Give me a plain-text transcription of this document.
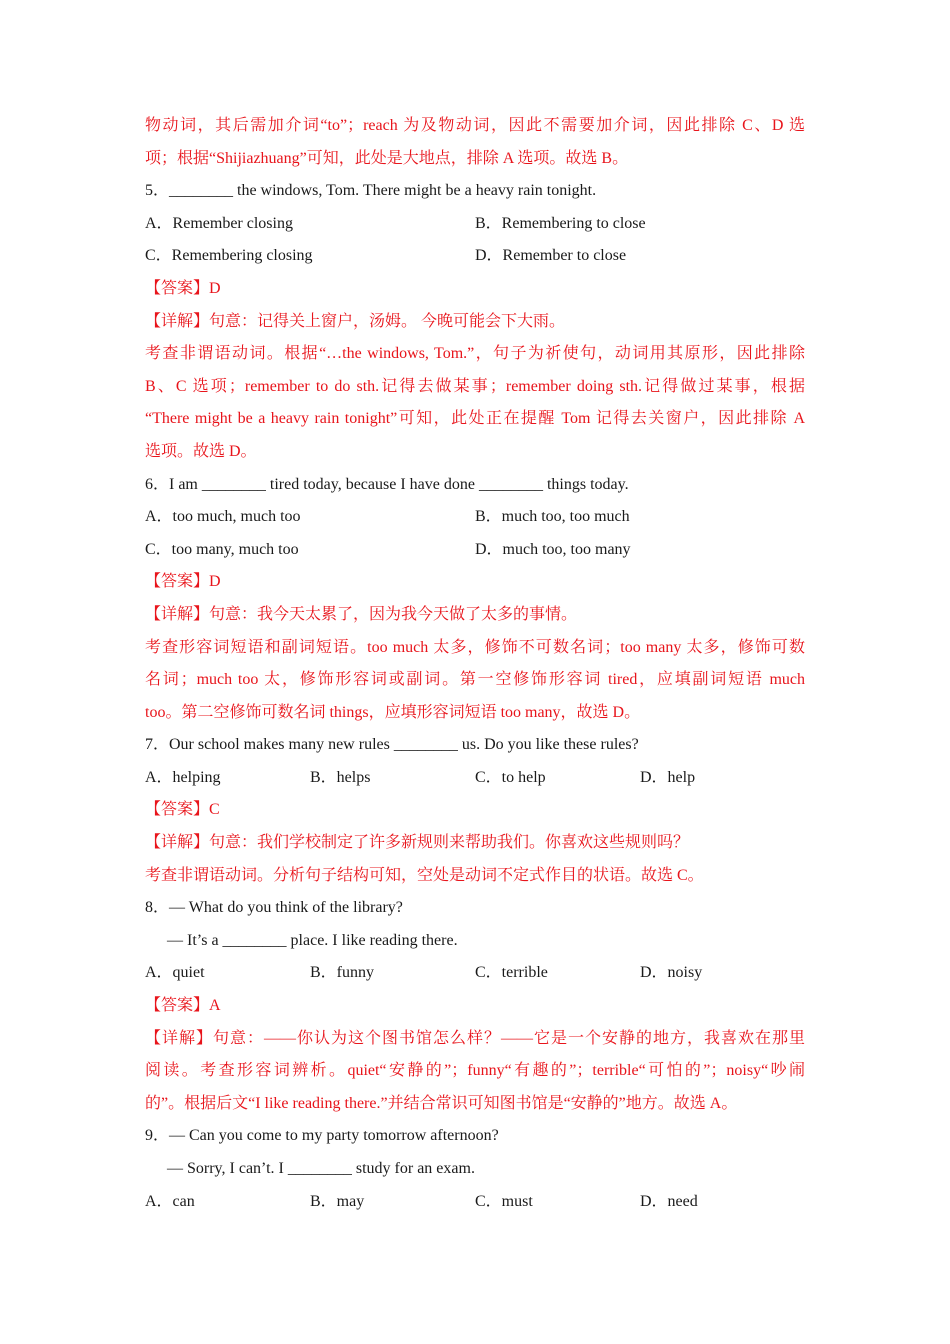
物动词，其后需加介词“to”；reach 为及物动词，因此不需要加介词，因此排除 C、D 选
项；根据“Shijiazhuang”可知，此处是大地点，排除 A 选项。故选 B。
5．________ the windows, Tom. There might be a heavy rain tonight.
A．Remember closing	B．Remembering to close
C．Remembering closing	D．Remember to close
【答案】D
【详解】句意：记得关上窗户，汤姆。 今晚可能会下大雨。
考查非谓语动词。根据“…the windows, Tom.”，句子为祈使句，动词用其原形，因此排除
B、C 选项；remember to do sth.记得去做某事；remember doing sth.记得做过某事，根据
“There might be a heavy rain tonight”可知，此处正在提醒 Tom 记得去关窗户，因此排除 A
选项。故选 D。
6．I am ________ tired today, because I have done ________ things today.
A．too much, much too	B．much too, too much
C．too many, much too	D．much too, too many
【答案】D
【详解】句意：我今天太累了，因为我今天做了太多的事情。
考查形容词短语和副词短语。too much 太多，修饰不可数名词；too many 太多，修饰可数
名词；much too 太，修饰形容词或副词。第一空修饰形容词 tired，应填副词短语 much
too。第二空修饰可数名词 things，应填形容词短语 too many，故选 D。
7．Our school makes many new rules ________ us. Do you like these rules?
A．helping	B．helps	C．to help	D．help
【答案】C
【详解】句意：我们学校制定了许多新规则来帮助我们。你喜欢这些规则吗？
考查非谓语动词。分析句子结构可知，空处是动词不定式作目的状语。故选 C。
8．— What do you think of the library?
— It’s a ________ place. I like reading there.
A．quiet	B．funny	C．terrible	D．noisy
【答案】A
【详解】句意：——你认为这个图书馆怎么样？——它是一个安静的地方，我喜欢在那里
阅读。考查形容词辨析。quiet“安静的”；funny“有趣的”；terrible“可怕的”；noisy“吵闹
的”。根据后文“I like reading there.”并结合常识可知图书馆是“安静的”地方。故选 A。
9．— Can you come to my party tomorrow afternoon?
— Sorry, I can’t. I ________ study for an exam.
A．can	B．may	C．must	D．need
